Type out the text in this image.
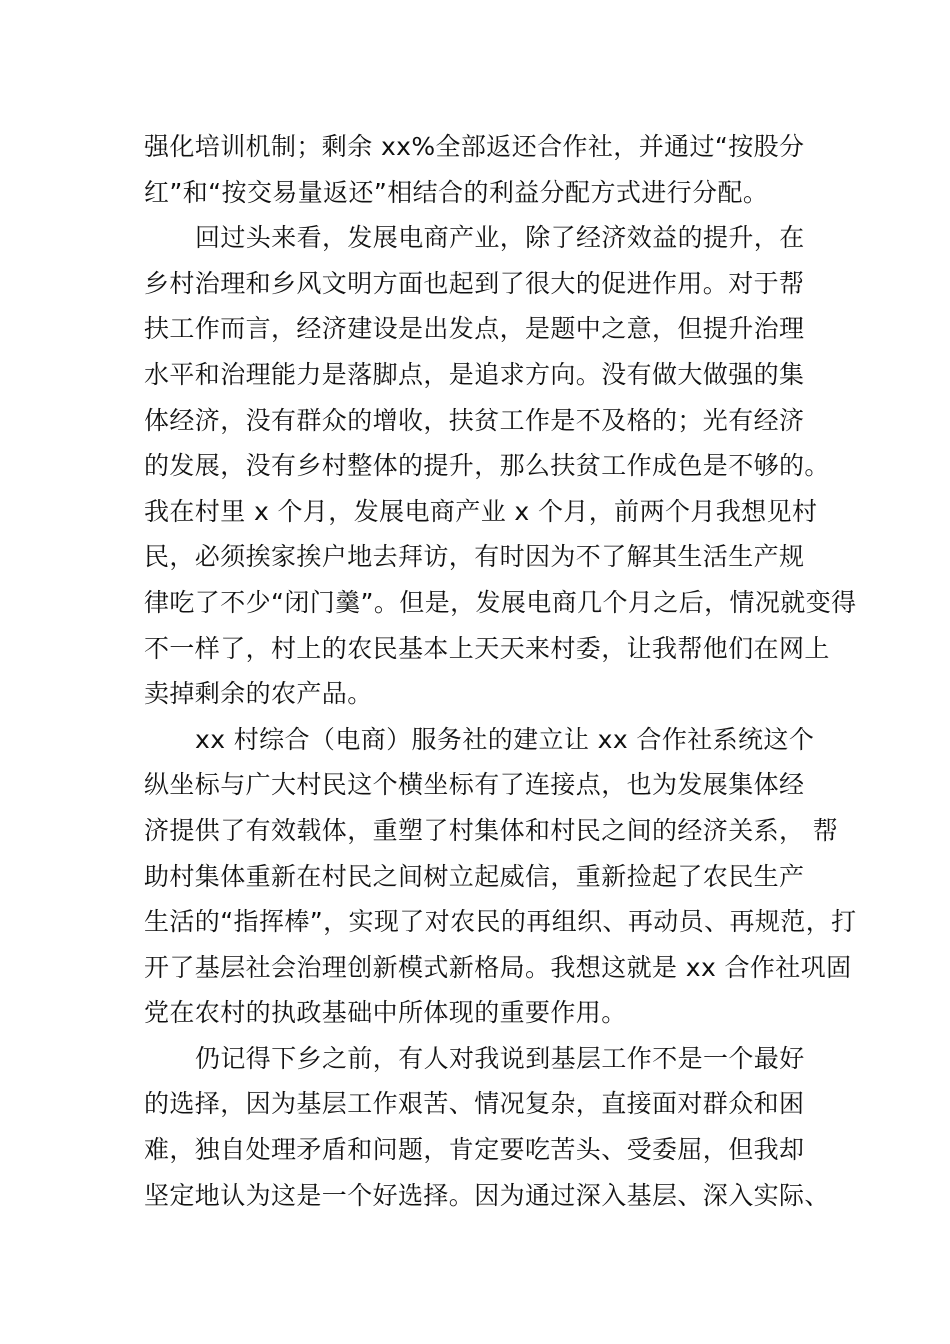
强化培训机制；剩余 xx%全部返还合作社，并通过“按股分
红”和“按交易量返还”相结合的利益分配方式进行分配。
回过头来看，发展电商产业，除了经济效益的提升，在
乡村治理和乡风文明方面也起到了很大的促进作用。对于帮
扶工作而言，经济建设是出发点，是题中之意，但提升治理
水平和治理能力是落脚点，是追求方向。没有做大做强的集
体经济，没有群众的增收，扶贫工作是不及格的；光有经济
的发展，没有乡村整体的提升，那么扶贫工作成色是不够的。
我在村里 x 个月，发展电商产业 x 个月，前两个月我想见村
民，必须挨家挨户地去拜访，有时因为不了解其生活生产规
律吃了不少“闭门羹”。但是，发展电商几个月之后，情况就变得
不一样了，村上的农民基本上天天来村委，让我帮他们在网上
卖掉剩余的农产品。
xx 村综合（电商）服务社的建立让 xx 合作社系统这个
纵坐标与广大村民这个横坐标有了连接点，也为发展集体经
济提供了有效载体，重塑了村集体和村民之间的经济关系， 帮
助村集体重新在村民之间树立起威信，重新捡起了农民生产
生活的“指挥棒”，实现了对农民的再组织、再动员、再规范，打
开了基层社会治理创新模式新格局。我想这就是 xx 合作社巩固
党在农村的执政基础中所体现的重要作用。
仍记得下乡之前，有人对我说到基层工作不是一个最好
的选择，因为基层工作艰苦、情况复杂，直接面对群众和困
难，独自处理矛盾和问题，肯定要吃苦头、受委屈，但我却
坚定地认为这是一个好选择。因为通过深入基层、深入实际、
